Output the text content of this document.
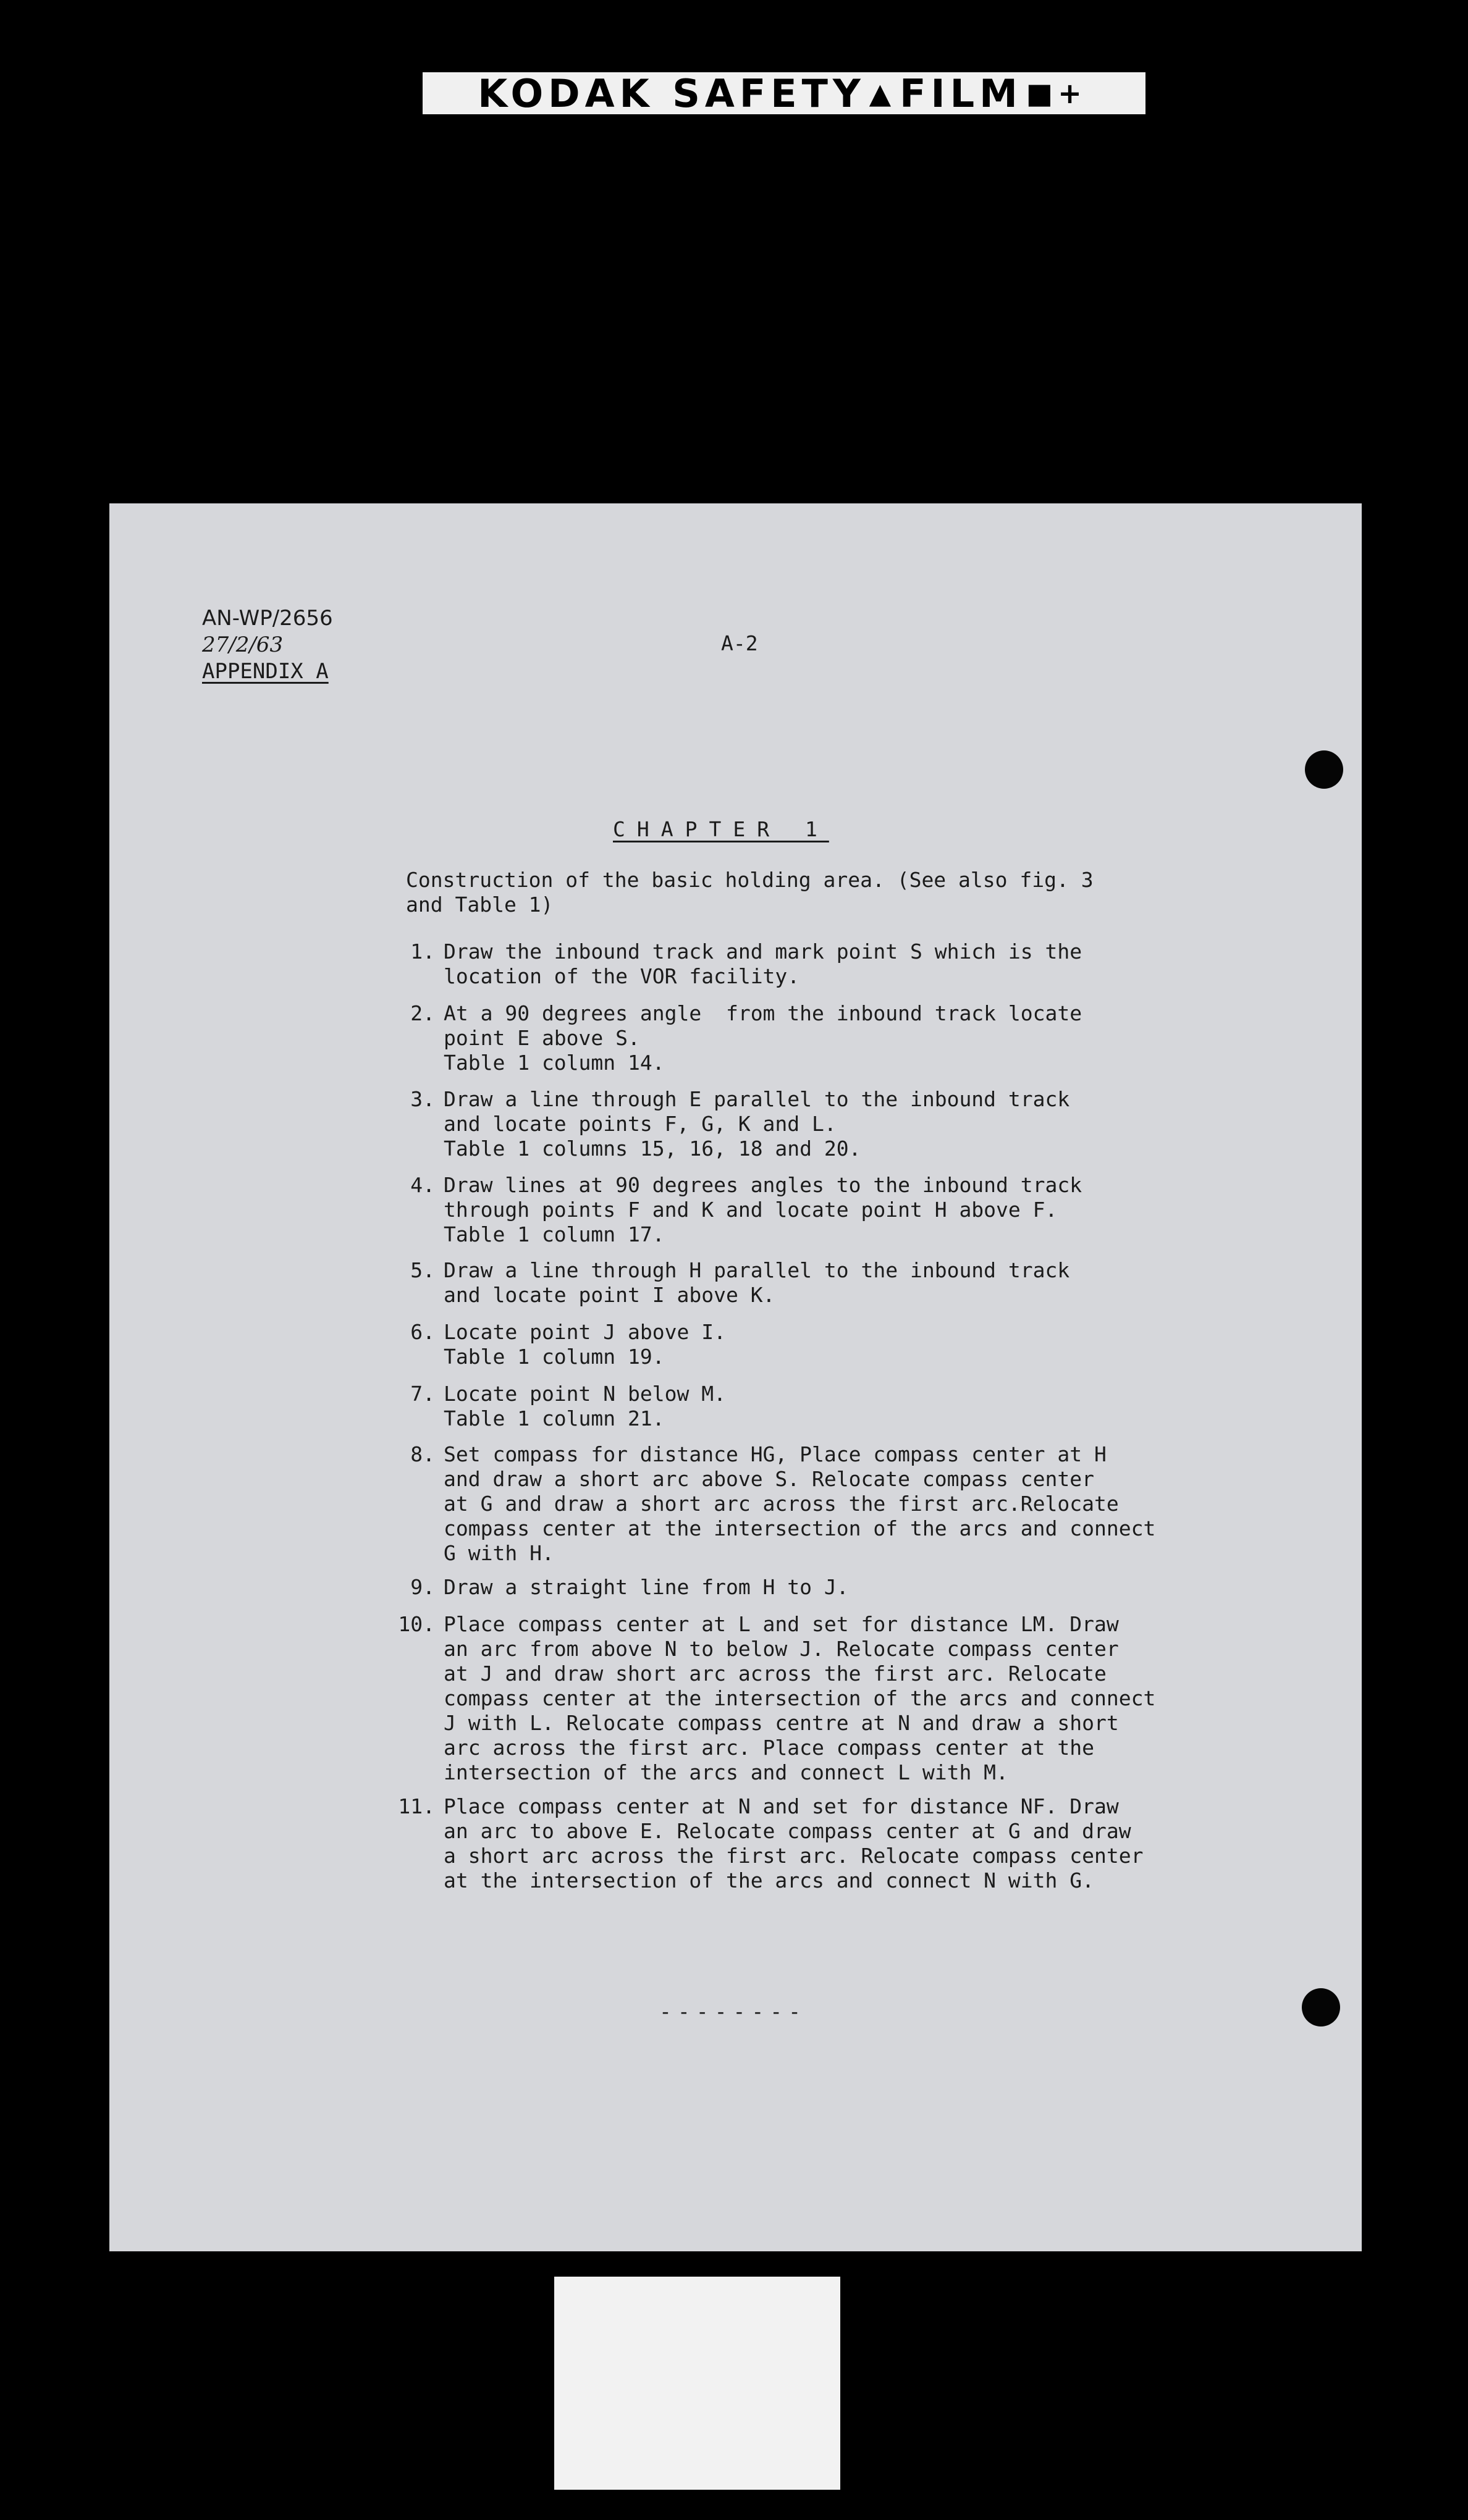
KODAK SAFETY ▲ FILM ■+
AN-WP/2656
27/2/63
APPENDIX A
A-2
CHAPTER 1
Construction of the basic holding area. (See also fig. 3
and Table 1)
1. Draw the inbound track and mark point S which is the
location of the VOR facility.
2. At a 90 degrees angle  from the inbound track locate
point E above S.
Table 1 column 14.
3. Draw a line through E parallel to the inbound track
and locate points F, G, K and L.
Table 1 columns 15, 16, 18 and 20.
4. Draw lines at 90 degrees angles to the inbound track
through points F and K and locate point H above F.
Table 1 column 17.
5. Draw a line through H parallel to the inbound track
and locate point I above K.
6. Locate point J above I.
Table 1 column 19.
7. Locate point N below M.
Table 1 column 21.
8. Set compass for distance HG, Place compass center at H
and draw a short arc above S. Relocate compass center
at G and draw a short arc across the first arc.Relocate
compass center at the intersection of the arcs and connect
G with H.
9. Draw a straight line from H to J.
10. Place compass center at L and set for distance LM. Draw
an arc from above N to below J. Relocate compass center
at J and draw short arc across the first arc. Relocate
compass center at the intersection of the arcs and connect
J with L. Relocate compass centre at N and draw a short
arc across the first arc. Place compass center at the
intersection of the arcs and connect L with M.
11. Place compass center at N and set for distance NF. Draw
an arc to above E. Relocate compass center at G and draw
a short arc across the first arc. Relocate compass center
at the intersection of the arcs and connect N with G.
--------
